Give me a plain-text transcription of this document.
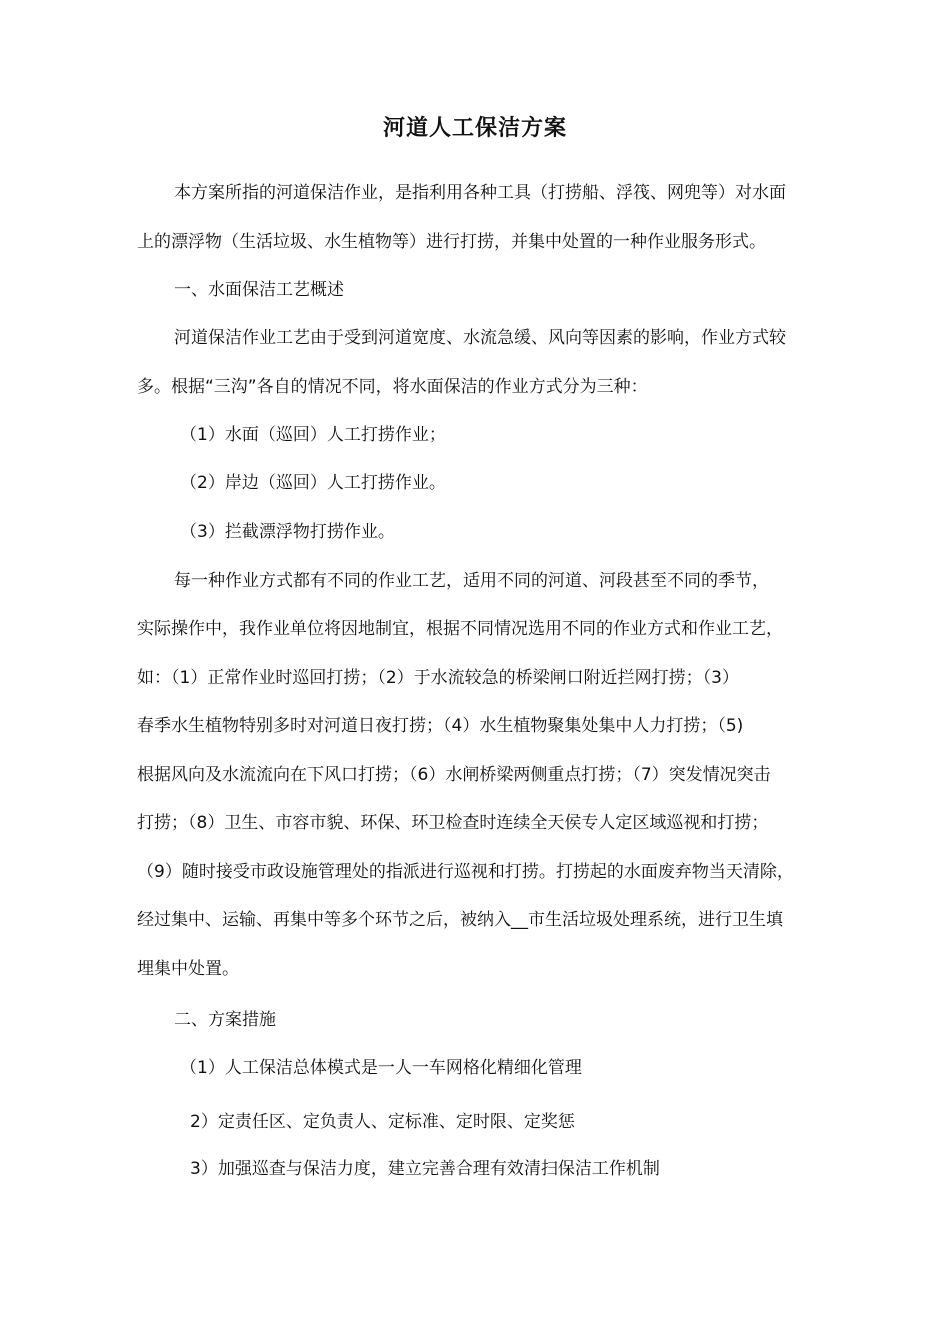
河道人工保洁方案
本方案所指的河道保洁作业，是指利用各种工具（打捞船、浮筏、网兜等）对水面
上的漂浮物（生活垃圾、水生植物等）进行打捞，并集中处置的一种作业服务形式。
一、水面保洁工艺概述
河道保洁作业工艺由于受到河道宽度、水流急缓、风向等因素的影响，作业方式较
多。根据“三沟”各自的情况不同，将水面保洁的作业方式分为三种：
（1）水面（巡回）人工打捞作业；
（2）岸边（巡回）人工打捞作业。
（3）拦截漂浮物打捞作业。
每一种作业方式都有不同的作业工艺，适用不同的河道、河段甚至不同的季节，
实际操作中，我作业单位将因地制宜，根据不同情况选用不同的作业方式和作业工艺，
如：（1）正常作业时巡回打捞；（2）于水流较急的桥梁闸口附近拦网打捞；（3）
春季水生植物特别多时对河道日夜打捞；（4）水生植物聚集处集中人力打捞；（5)
根据风向及水流流向在下风口打捞；（6）水闸桥梁两侧重点打捞；（7）突发情况突击
打捞；（8）卫生、市容市貌、环保、环卫检查时连续全天侯专人定区域巡视和打捞；
（9）随时接受市政设施管理处的指派进行巡视和打捞。打捞起的水面废弃物当天清除，
经过集中、运输、再集中等多个环节之后，被纳入__市生活垃圾处理系统，进行卫生填
埋集中处置。
二、方案措施
（1）人工保洁总体模式是一人一车网格化精细化管理
2）定责任区、定负责人、定标准、定时限、定奖惩
3）加强巡查与保洁力度，建立完善合理有效清扫保洁工作机制
